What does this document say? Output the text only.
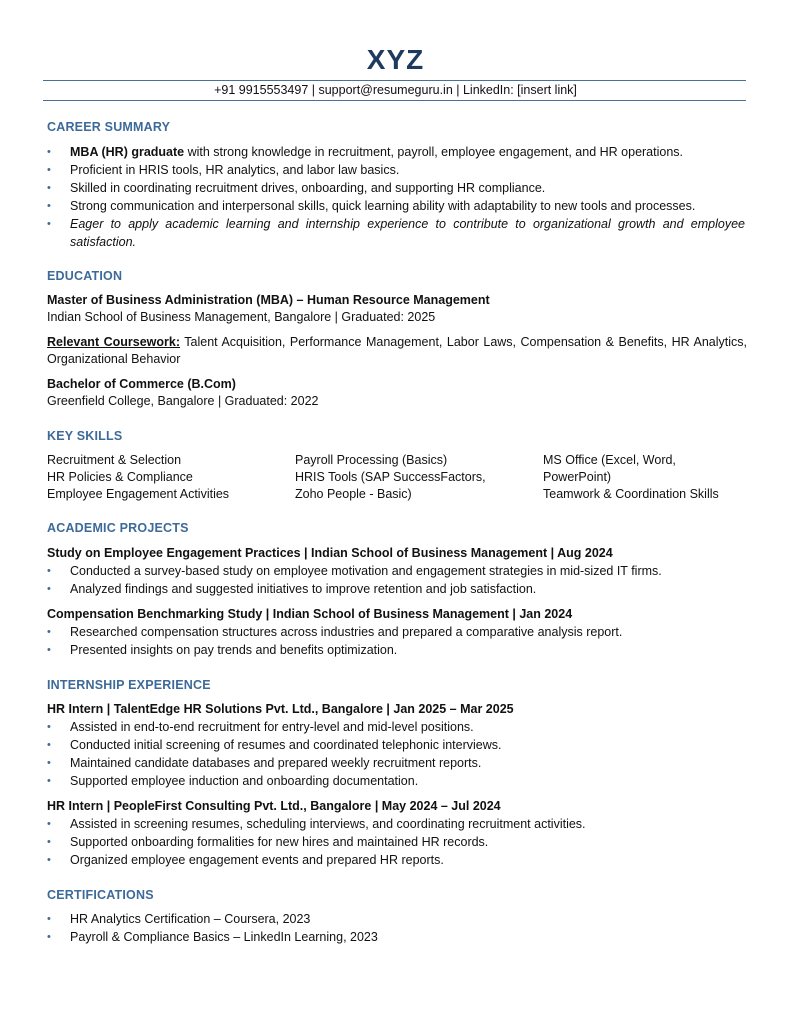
XYZ
+91 9915553497 | support@resumeguru.in | LinkedIn: [insert link]
CAREER SUMMARY
• MBA (HR) graduate with strong knowledge in recruitment, payroll, employee engagement, and HR operations.
• Proficient in HRIS tools, HR analytics, and labor law basics.
• Skilled in coordinating recruitment drives, onboarding, and supporting HR compliance.
• Strong communication and interpersonal skills, quick learning ability with adaptability to new tools and processes.
• Eager to apply academic learning and internship experience to contribute to organizational growth and employee satisfaction.
EDUCATION
Master of Business Administration (MBA) – Human Resource Management
Indian School of Business Management, Bangalore | Graduated: 2025
Relevant Coursework: Talent Acquisition, Performance Management, Labor Laws, Compensation & Benefits, HR Analytics, Organizational Behavior
Bachelor of Commerce (B.Com)
Greenfield College, Bangalore | Graduated: 2022
KEY SKILLS
Recruitment & Selection
HR Policies & Compliance
Employee Engagement Activities
Payroll Processing (Basics)
HRIS Tools (SAP SuccessFactors,
Zoho People - Basic)
MS Office (Excel, Word,
PowerPoint)
Teamwork & Coordination Skills
ACADEMIC PROJECTS
Study on Employee Engagement Practices | Indian School of Business Management | Aug 2024
• Conducted a survey-based study on employee motivation and engagement strategies in mid-sized IT firms.
• Analyzed findings and suggested initiatives to improve retention and job satisfaction.
Compensation Benchmarking Study | Indian School of Business Management | Jan 2024
• Researched compensation structures across industries and prepared a comparative analysis report.
• Presented insights on pay trends and benefits optimization.
INTERNSHIP EXPERIENCE
HR Intern | TalentEdge HR Solutions Pvt. Ltd., Bangalore | Jan 2025 – Mar 2025
• Assisted in end-to-end recruitment for entry-level and mid-level positions.
• Conducted initial screening of resumes and coordinated telephonic interviews.
• Maintained candidate databases and prepared weekly recruitment reports.
• Supported employee induction and onboarding documentation.
HR Intern | PeopleFirst Consulting Pvt. Ltd., Bangalore | May 2024 – Jul 2024
• Assisted in screening resumes, scheduling interviews, and coordinating recruitment activities.
• Supported onboarding formalities for new hires and maintained HR records.
• Organized employee engagement events and prepared HR reports.
CERTIFICATIONS
• HR Analytics Certification – Coursera, 2023
• Payroll & Compliance Basics – LinkedIn Learning, 2023
